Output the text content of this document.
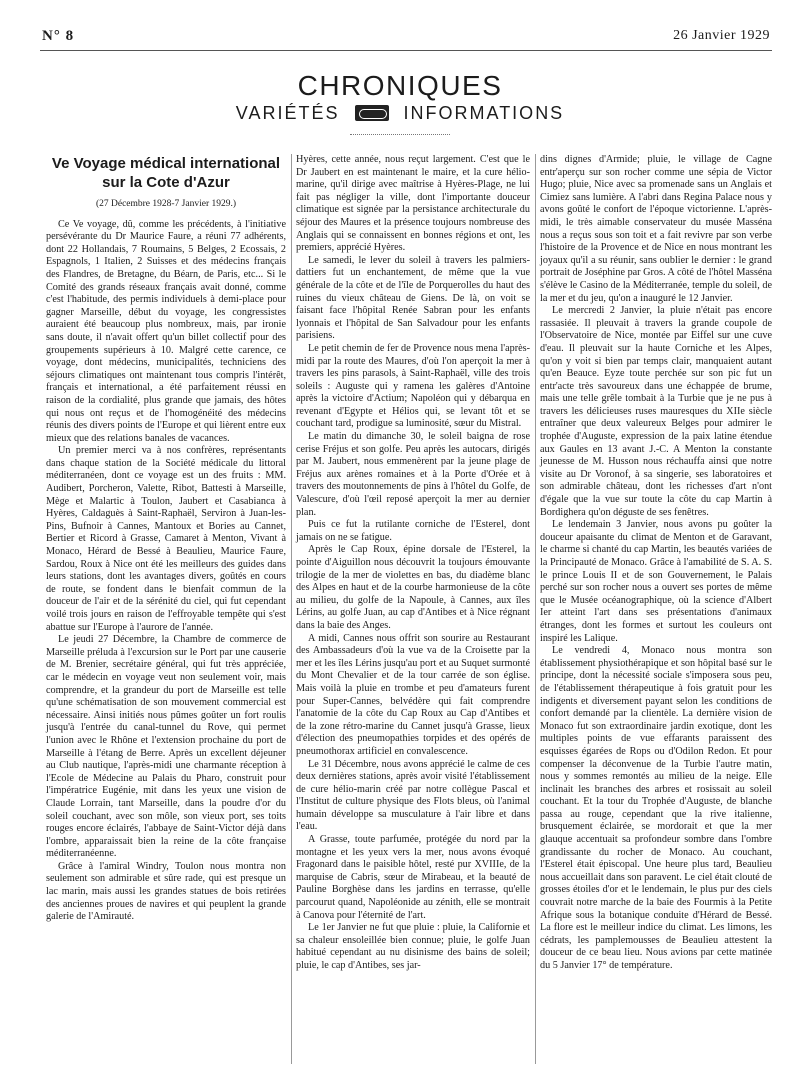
N° 8	26 Janvier 1929
CHRONIQUES
VARIÉTÉS	INFORMATIONS
Ve Voyage médical international
sur la Cote d'Azur

(27 Décembre 1928-7 Janvier 1929.)

Ce Ve voyage, dû, comme les précédents, à l'initiative persévérante du Dr Maurice Faure, a réuni 77 adhérents, dont 22 Hollandais, 7 Roumains, 5 Belges, 2 Ecossais, 2 Espagnols, 1 Italien, 2 Suisses et des médecins français des Flandres, de Bretagne, du Béarn, de Paris, etc... Si le Comité des grands réseaux français avait donné, comme c'est l'habitude, des permis individuels à demi-place pour gagner Marseille, début du voyage, les congressistes auraient été beaucoup plus nombreux, mais, par ironie sans doute, il n'avait offert qu'un billet collectif pour des groupements supérieurs à 10. Malgré cette carence, ce voyage, dont médecins, municipalités, techniciens des séjours climatiques ont maintenant tous compris l'intérêt, français et international, a été parfaitement réussi en raison de la cordialité, plus grande que jamais, des hôtes qui nous ont reçus et de l'homogénéité des médecins réunis des divers points de l'Europe et qui lièrent entre eux mieux que des relations banales de vacances.

Un premier merci va à nos confrères, représentants dans chaque station de la Société médicale du littoral méditerranéen, dont ce voyage est un des fruits : MM. Audibert, Porcheron, Valette, Ribot, Battesti à Marseille, Mège et Malartic à Toulon, Jaubert et Casabianca à Hyères, Caldaguès à Saint-Raphaël, Serviron à Juan-les-Pins, Bufnoir à Cannes, Mantoux et Bories au Cannet, Bertier et Ricord à Grasse, Camaret à Menton, Vivant à Monaco, Hérard de Bessé à Beaulieu, Maurice Faure, Sardou, Roux à Nice ont été les meilleurs des guides dans leurs stations, dont les avantages divers, goûtés en cours de route, se fondent dans le bienfait commun de la douceur de l'air et de la sérénité du ciel, qui fut cependant voilé trois jours en raison de l'effroyable tempête qui s'est abattue sur l'Europe à l'aurore de l'année.

Le jeudi 27 Décembre, la Chambre de commerce de Marseille préluda à l'excursion sur le Port par une causerie de M. Brenier, secrétaire général, qui fut très appréciée, car le médecin en voyage veut non seulement voir, mais comprendre, et la grandeur du port de Marseille est telle qu'une schématisation de son mouvement commercial est nécessaire. Ainsi initiés nous pûmes goûter un fort roulis jusqu'à l'entrée du canal-tunnel du Rove, qui permet l'union avec le Rhône et l'extension prochaine du port de Marseille à l'étang de Berre. Après un excellent déjeuner au Club nautique, l'après-midi une charmante réception à l'Ecole de Médecine au Palais du Pharo, construit pour l'impératrice Eugénie, mit dans les yeux une vision de Claude Lorrain, tant Marseille, dans la poudre d'or du soleil couchant, avec son môle, son vieux port, ses toits rouges encore éclairés, l'abbaye de Saint-Victor déjà dans l'ombre, apparaissait bien la reine de la côte française méditerranéenne.

Grâce à l'amiral Windry, Toulon nous montra non seulement son admirable et sûre rade, qui est presque un lac marin, mais aussi les grandes statues de bois retirées des anciennes proues de navires et qui peuplent la grande galerie de l'Amirauté.

Hyères, cette année, nous reçut largement. C'est que le Dr Jaubert en est maintenant le maire, et la cure hélio-marine, qu'il dirige avec maîtrise à Hyères-Plage, ne lui fait pas négliger la ville, dont l'importante douceur climatique est signée par la persistance architecturale du séjour des Maures et la présence toujours nombreuse des Anglais qui se connaissent en bonnes régions et ont, les premiers, apprécié Hyères.

Le samedi, le lever du soleil à travers les palmiers-dattiers fut un enchantement, de même que la vue générale de la côte et de l'île de Porquerolles du haut des ruines du vieux château de Giens. De là, on voit se faisant face l'hôpital Renée Sabran pour les enfants lyonnais et l'hôpital de San Salvadour pour les enfants parisiens.

Le petit chemin de fer de Provence nous mena l'après-midi par la route des Maures, d'où l'on aperçoit la mer à travers les pins parasols, à Saint-Raphaël, ville des trois soleils : Auguste qui y ramena les galères d'Antoine après la victoire d'Actium; Napoléon qui y débarqua en revenant d'Egypte et Hélios qui, se levant tôt et se couchant tard, prodigue sa luminosité, sœur du Mistral.

Le matin du dimanche 30, le soleil baigna de rose cerise Fréjus et son golfe. Peu après les autocars, dirigés par M. Jaubert, nous emmenèrent par la jeune plage de Fréjus aux arènes romaines et à la Porte d'Orée et à travers des moutonnements de pins à l'hôtel du Golfe, de Valescure, d'où l'œil reposé aperçoit la mer au dernier plan.

Puis ce fut la rutilante corniche de l'Esterel, dont jamais on ne se fatigue.

Après le Cap Roux, épine dorsale de l'Esterel, la pointe d'Aiguillon nous découvrit la toujours émouvante trilogie de la mer de violettes en bas, du diadème blanc des Alpes en haut et de la courbe harmonieuse de la côte au milieu, du golfe de la Napoule, à Cannes, aux îles Lérins, au golfe Juan, au cap d'Antibes et à Nice régnant dans la baie des Anges.

A midi, Cannes nous offrit son sourire au Restaurant des Ambassadeurs d'où la vue va de la Croisette par la mer et les îles Lérins jusqu'au port et au Suquet surmonté du Mont Chevalier et de la tour carrée de son église. Mais voilà la pluie en trombe et peu d'amateurs furent pour Super-Cannes, belvédère qui fait comprendre l'anatomie de la côte du Cap Roux au Cap d'Antibes et de la zone rétro-marine du Cannet jusqu'à Grasse, lieux d'élection des pneumopathies torpides et des opérés de pneumothorax artificiel en convalescence.

Le 31 Décembre, nous avons apprécié le calme de ces deux dernières stations, après avoir visité l'établissement de cure hélio-marin créé par notre collègue Pascal et l'Institut de culture physique des Flots bleus, où l'animal humain développe sa musculature à l'air libre et dans l'eau.

A Grasse, toute parfumée, protégée du nord par la montagne et les yeux vers la mer, nous avons évoqué Fragonard dans le paisible hôtel, resté pur XVIIIe, de la marquise de Cabris, sœur de Mirabeau, et la beauté de Pauline Borghèse dans les jardins en terrasse, qu'elle parcourut quand, Napoléonide au zénith, elle se montrait à Canova pour l'éternité de l'art.

Le 1er Janvier ne fut que pluie : pluie, la Californie et sa chaleur ensoleillée bien connue; pluie, le golfe Juan habitué cependant au nu disinisme des bains de soleil; pluie, le cap d'Antibes, ses jar-

dins dignes d'Armide; pluie, le village de Cagne entr'aperçu sur son rocher comme une sépia de Victor Hugo; pluie, Nice avec sa promenade sans un Anglais et Cimiez sans lumière. A l'abri dans Regina Palace nous y avons goûté le confort de l'époque victorienne. L'après-midi, le très aimable conservateur du musée Masséna nous a reçus sous son toit et a fait revivre par son verbe l'histoire de la Provence et de Nice en nous montrant les joyaux qu'il a su réunir, sans oublier le dernier : le grand portrait de Joséphine par Gros. A côté de l'hôtel Masséna s'élève le Casino de la Méditerranée, temple du soleil, de la mer et du jeu, qu'on a inauguré le 12 Janvier.

Le mercredi 2 Janvier, la pluie n'était pas encore rassasiée. Il pleuvait à travers la grande coupole de l'Observatoire de Nice, montée par Eiffel sur une cuve d'eau. Il pleuvait sur la haute Corniche et les Alpes, qu'on y voit si bien par temps clair, manquaient autant qu'en Beauce. Eyze toute perchée sur son pic fut un entr'acte très savoureux dans une échappée de brume, mais une telle grêle tombait à la Turbie que je ne pus à travers les délicieuses ruses mauresques du XIIe siècle entraîner que deux valeureux Belges pour admirer le trophée d'Auguste, expression de la paix latine étendue aux Gaules en 13 avant J.-C. A Menton la constante jeunesse de M. Husson nous réchauffa ainsi que notre visite au Dr Voronof, à sa singerie, ses laboratoires et son admirable château, dont les richesses d'art n'ont d'égale que la vue sur toute la côte du cap Martin à Bordighera qu'on déguste de ses fenêtres.

Le lendemain 3 Janvier, nous avons pu goûter la douceur apaisante du climat de Menton et de Garavant, le charme si chanté du cap Martin, les beautés variées de la Principauté de Monaco. Grâce à l'amabilité de S. A. S. le prince Louis II et de son Gouvernement, le Palais perché sur son rocher nous a ouvert ses portes de même que le Musée océanographique, où la science d'Albert Ier atteint l'art dans ses présentations d'animaux étranges, dont les formes et surtout les couleurs ont inspiré les Lalique.

Le vendredi 4, Monaco nous montra son établissement physiothérapique et son hôpital basé sur le principe, dont la nécessité sociale s'imposera sous peu, de l'établissement thérapeutique à fois gratuit pour les indigents et diversement payant selon les conditions de confort demandé par la clientèle. La dernière vision de Monaco fut son extraordinaire jardin exotique, dont les multiples points de vue effarants paraissent des esquisses égarées de Rops ou d'Odilon Redon. Et pour compenser la déconvenue de la Turbie l'autre matin, nous y sommes remontés au milieu de la neige. Elle inclinait les branches des arbres et rosissait au soleil couchant. Et la tour du Trophée d'Auguste, de blanche passa au rouge, cependant que la rive italienne, brusquement éclairée, se mordorait et que la mer glauque accentuait sa profondeur sombre dans l'ombre grandissante du rocher de Monaco. Au couchant, l'Esterel était épiscopal. Une heure plus tard, Beaulieu nous accueillait dans son paravent. Le ciel était clouté de grosses étoiles d'or et le lendemain, le plus pur des ciels couvrait notre marche de la baie des Fourmis à la Petite Afrique sous la botanique conduite d'Hérard de Bessé. La flore est le meilleur indice du climat. Les limons, les cédrats, les pamplemousses de Beaulieu attestent la douceur de ce beau lieu. Nous avions par cette matinée du 5 Janvier 17° de température.
